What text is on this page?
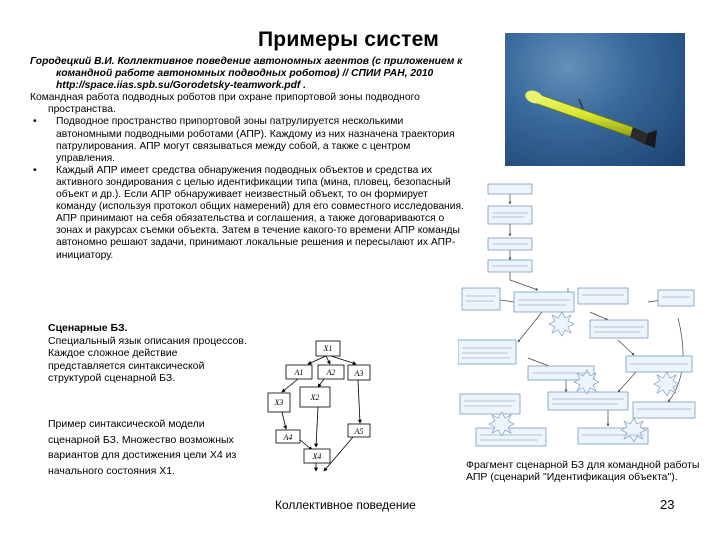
Примеры систем

Городецкий В.И. Коллективное поведение автономных агентов (с приложением к командной работе автономных подводных роботов) // СПИИ РАН, 2010 http://space.iias.spb.su/Gorodetsky-teamwork.pdf .

Командная работа подводных роботов при охране припортовой зоны подводного пространства.

• Подводное пространство припортовой зоны патрулируется несколькими автономными подводными роботами (АПР). Каждому из них назначена траектория патрулирования. АПР могут связываться между собой, а также с центром управления.

• Каждый АПР имеет средства обнаружения подводных объектов и средства их активного зондирования с целью идентификации типа (мина, пловец, безопасный объект и др.). Если АПР обнаруживает неизвестный объект, то он формирует команду (используя протокол общих намерений) для его совместного исследования. АПР принимают на себя обязательства и соглашения, а также договариваются о зонах и ракурсах съемки объекта. Затем в течение какого-то времени АПР команды автономно решают задачи, принимают локальные решения и пересылают их АПР-инициатору.

Сценарные БЗ.

Специальный язык описания процессов. Каждое сложное действие представляется синтаксической структурой сценарной БЗ.

Пример синтаксической модели сценарной БЗ. Множество возможных вариантов для достижения цели X4 из начального состояния X1.

X1
A1	A2 A3
X2
X3
A4
A5
X4
Фрагмент сценарной БЗ для командной работы АПР (сценарий "Идентификация объекта").
Коллективное поведение	23
